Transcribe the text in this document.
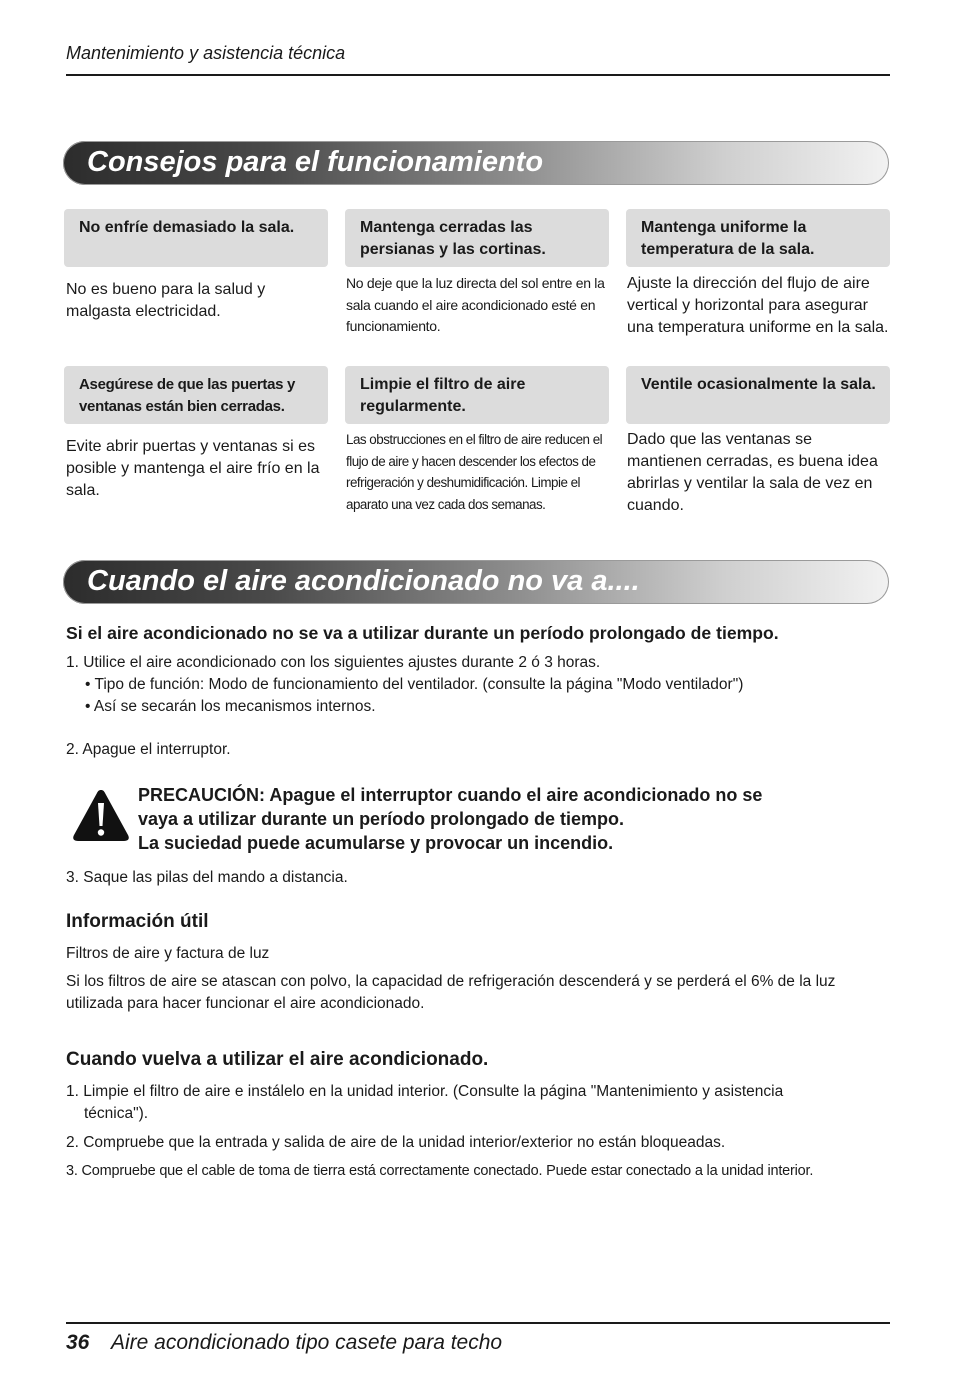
Mantenimiento y asistencia técnica
Consejos para el funcionamiento
No enfríe demasiado la sala.	Mantenga cerradas las persianas y las cortinas.
Mantenga uniforme la temperatura de la sala.
No es bueno para la salud y malgasta electricidad.
No deje que la luz directa del sol entre en la sala cuando el aire acondicionado esté en funcionamiento.
Ajuste la dirección del flujo de aire vertical y horizontal para asegurar una temperatura uniforme en la sala.
Asegúrese de que las puertas y ventanas están bien cerradas.
Limpie el filtro de aire regularmente.
Ventile ocasionalmente la sala.
Evite abrir puertas y ventanas si es posible y mantenga el aire frío en la sala.
Las obstrucciones en el filtro de aire reducen el flujo de aire y hacen descender los efectos de refrigeración y deshumidificación. Limpie el aparato una vez cada dos semanas.
Dado que las ventanas se mantienen cerradas, es buena idea abrirlas y ventilar la sala de vez en cuando.
Cuando el aire acondicionado no va a....
Si el aire acondicionado no se va a utilizar durante un período prolongado de tiempo.
1. Utilice el aire acondicionado con los siguientes ajustes durante 2 ó 3 horas.
• Tipo de función: Modo de funcionamiento del ventilador. (consulte la página "Modo ventilador")
• Así se secarán los mecanismos internos.
2. Apague el interruptor.
PRECAUCIÓN: Apague el interruptor cuando el aire acondicionado no se
vaya a utilizar durante un período prolongado de tiempo.
La suciedad puede acumularse y provocar un incendio.
3. Saque las pilas del mando a distancia.
Información útil
Filtros de aire y factura de luz
Si los filtros de aire se atascan con polvo, la capacidad de refrigeración descenderá y se perderá el 6% de la luz utilizada para hacer funcionar el aire acondicionado.
Cuando vuelva a utilizar el aire acondicionado.
1. Limpie el filtro de aire e instálelo en la unidad interior. (Consulte la página "Mantenimiento y asistencia técnica").
2. Compruebe que la entrada y salida de aire de la unidad interior/exterior no están bloqueadas.
3. Compruebe que el cable de toma de tierra está correctamente conectado. Puede estar conectado a la unidad interior.
36 Aire acondicionado tipo casete para techo
